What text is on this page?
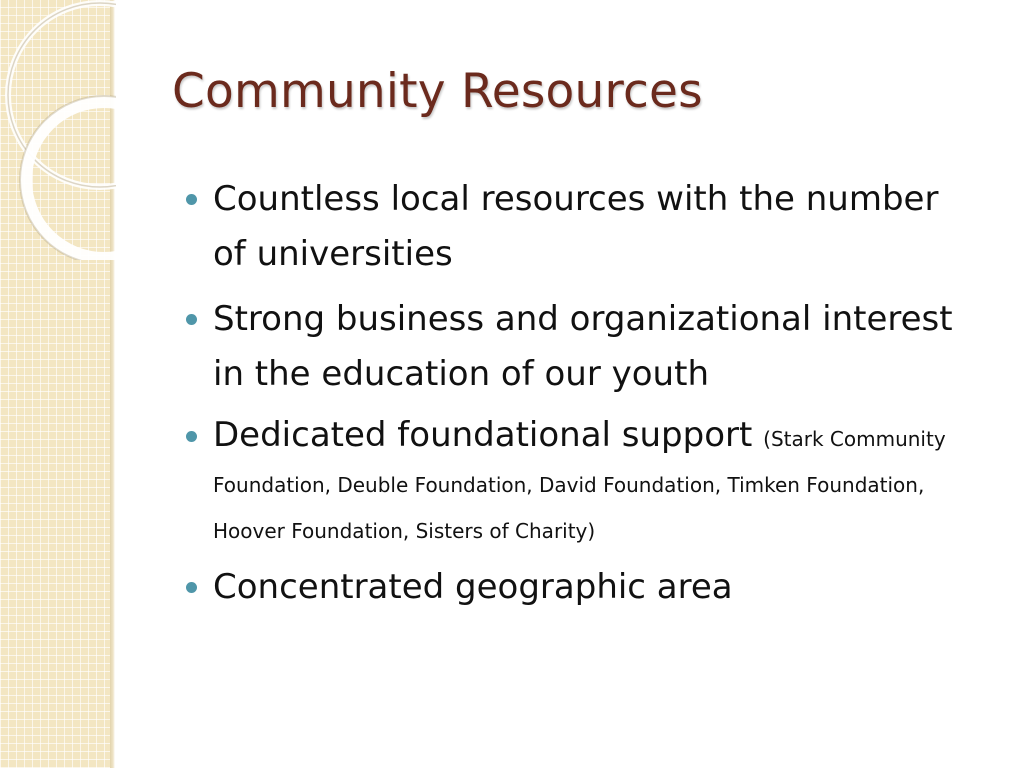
Community Resources
Countless local resources with the number of universities
Strong business and organizational interest in the education of our youth
Dedicated foundational support (Stark Community Foundation, Deuble Foundation, David Foundation, Timken Foundation, Hoover Foundation, Sisters of Charity)
Concentrated geographic area
